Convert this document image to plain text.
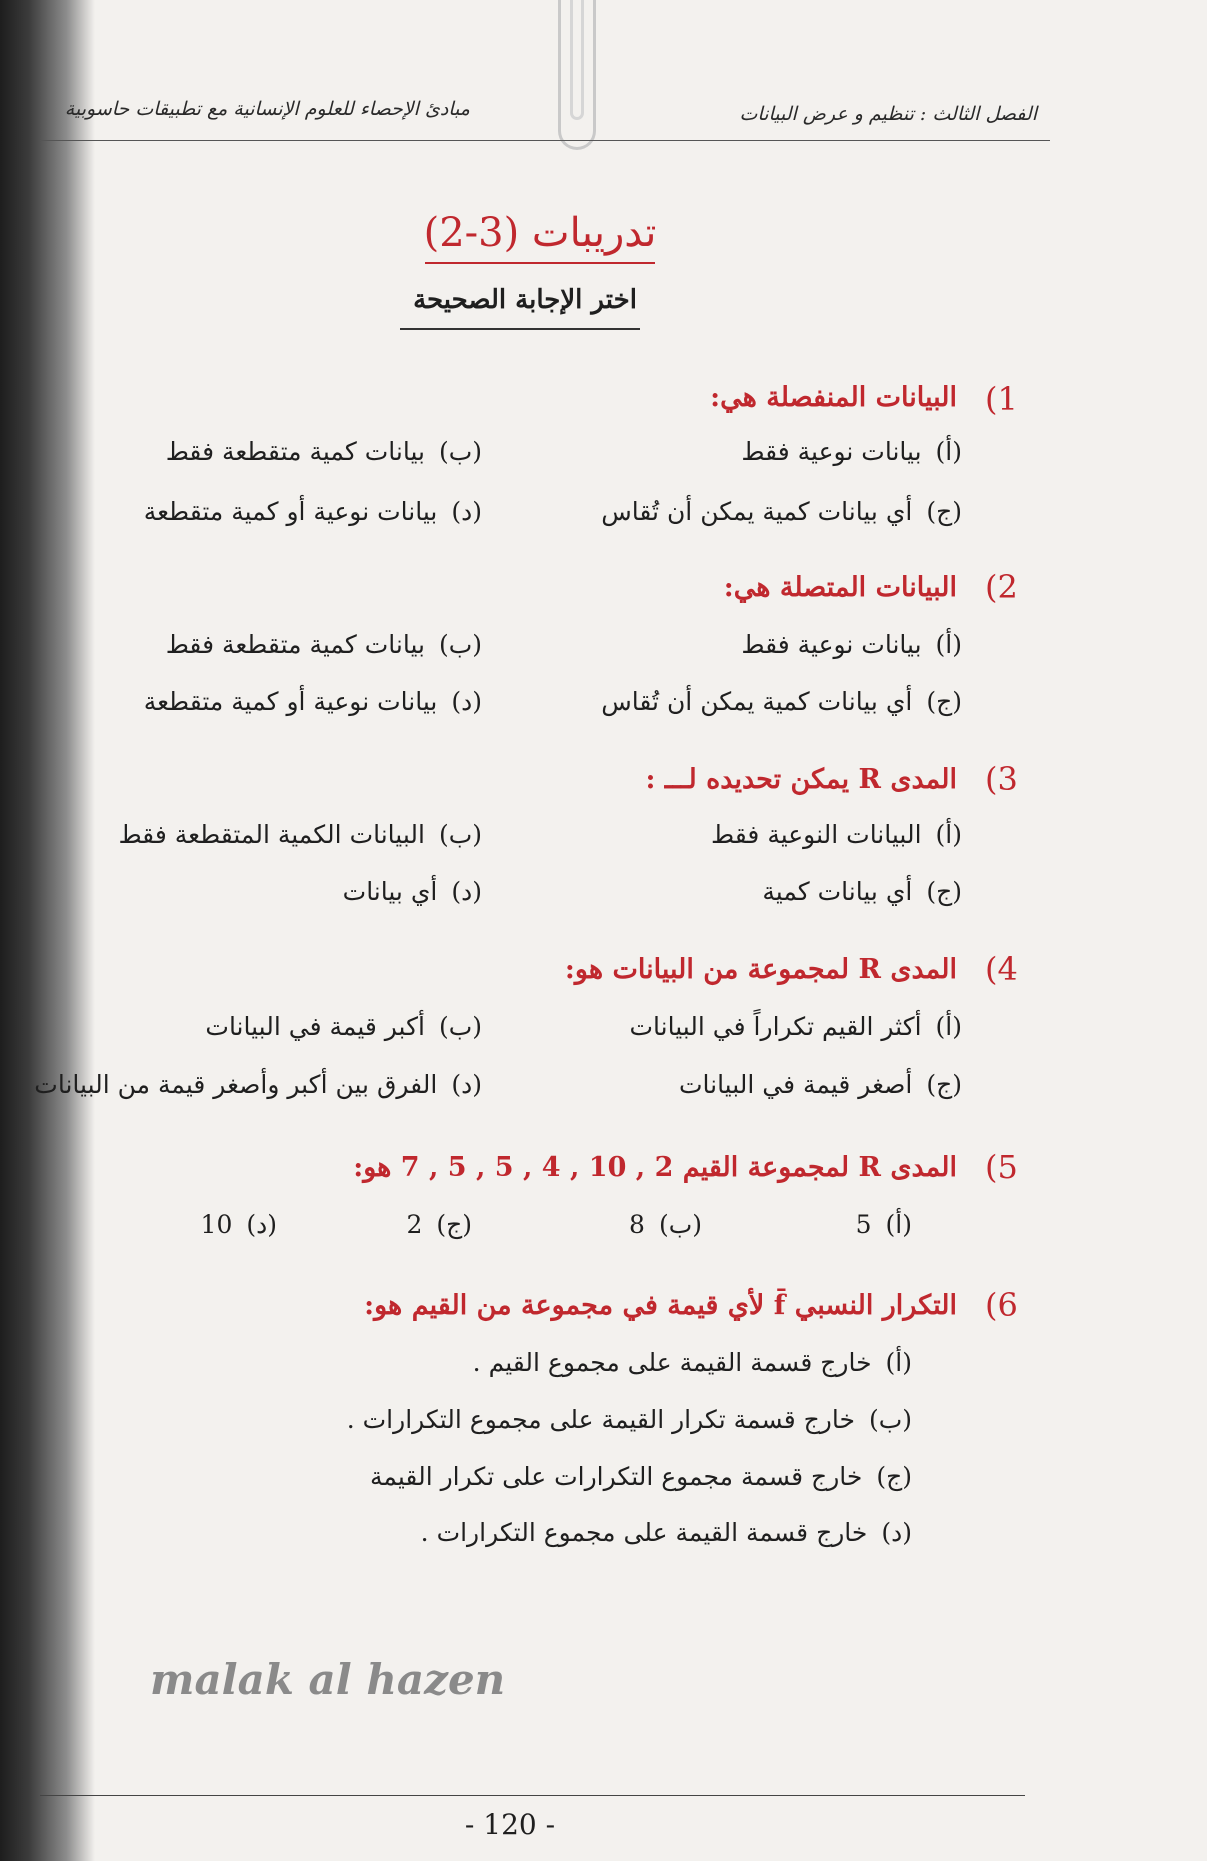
الفصل الثالث : تنظيم و عرض البيانات
مبادئ الإحصاء للعلوم الإنسانية مع تطبيقات حاسوبية
تدريبات (3-2)
اختر الإجابة الصحيحة
(1
البيانات المنفصلة هي:
(أ)بيانات نوعية فقط
(ب)بيانات كمية متقطعة فقط
(ج)أي بيانات كمية يمكن أن تُقاس
(د)بيانات نوعية أو كمية متقطعة
(2
البيانات المتصلة هي:
(أ)بيانات نوعية فقط
(ب)بيانات كمية متقطعة فقط
(ج)أي بيانات كمية يمكن أن تُقاس
(د)بيانات نوعية أو كمية متقطعة
(3
المدى R يمكن تحديده لـــ :
(أ)البيانات النوعية فقط
(ب)البيانات الكمية المتقطعة فقط
(ج)أي بيانات كمية
(د)أي بيانات
(4
المدى R لمجموعة من البيانات هو:
(أ)أكثر القيم تكراراً في البيانات
(ب)أكبر قيمة في البيانات
(ج)أصغر قيمة في البيانات
(د)الفرق بين أكبر وأصغر قيمة من البيانات
(5
المدى R لمجموعة القيم 2 , 10 , 4 , 5 , 5 , 7 هو:
(أ)5
(ب)8
(ج)2
(د)10
(6
التكرار النسبي f̄ لأي قيمة في مجموعة من القيم هو:
(أ)خارج قسمة القيمة على مجموع القيم .
(ب)خارج قسمة تكرار القيمة على مجموع التكرارات .
(ج)خارج قسمة مجموع التكرارات على تكرار القيمة
(د)خارج قسمة القيمة على مجموع التكرارات .
malak al hazen
- 120 -
